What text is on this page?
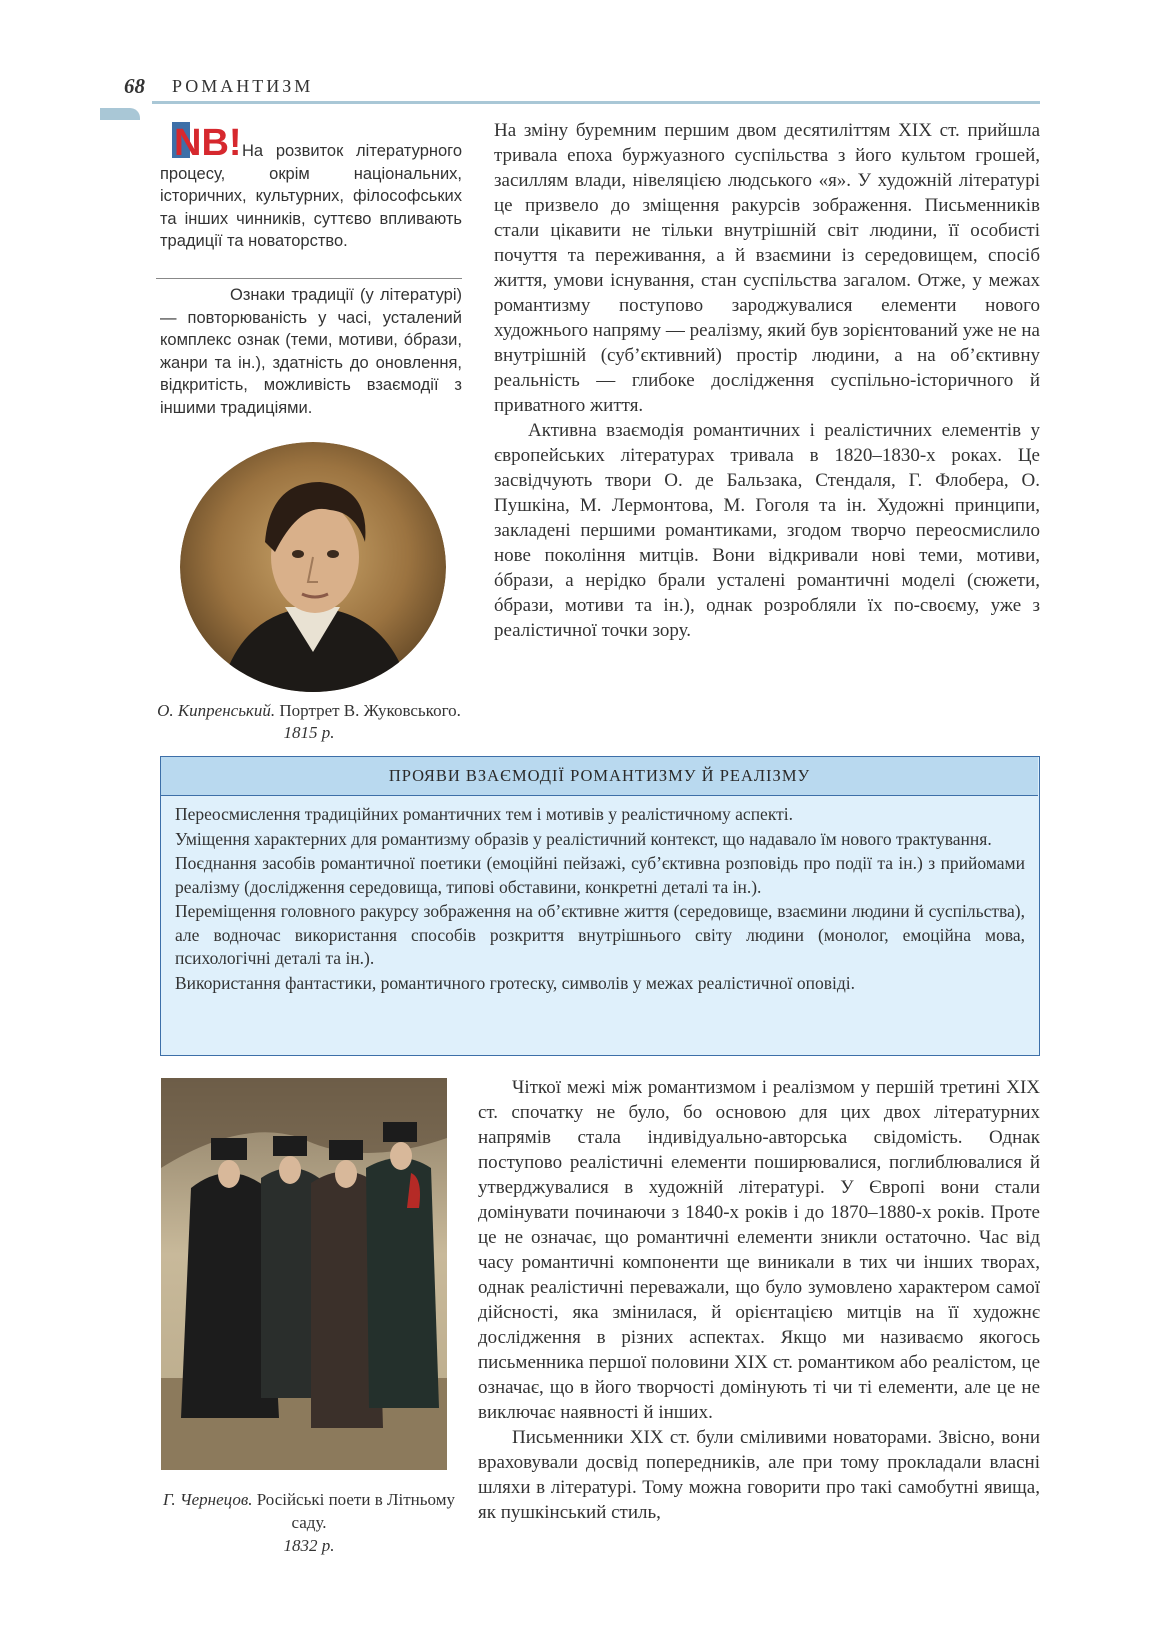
68 РОМАНТИЗМ
NB! На розвиток літературного процесу, окрім національних, історичних, культурних, філософських та інших чинників, суттєво впливають традиції та новаторство.
Ознаки традиції (у літературі) — повторюваність у часі, усталений комплекс ознак (теми, мотиви, óбрази, жанри та ін.), здатність до оновлення, відкритість, можливість взаємодії з іншими традиціями.
О. Кипренський. Портрет В. Жуковського. 1815 р.

На зміну буремним першим двом десятиліттям XIX ст. прийшла тривала епоха буржуазного суспільства з його культом грошей, засиллям влади, нівеляцією людського «я». У художній літературі це призвело до зміщення ракурсів зображення. Письменників стали цікавити не тільки внутрішній світ людини, її особисті почуття та переживання, а й взаємини із середовищем, спосіб життя, умови існування, стан суспільства загалом. Отже, у межах романтизму поступово зароджувалися елементи нового художнього напряму — реалізму, який був зорієнтований уже не на внутрішній (суб’єктивний) простір людини, а на об’єктивну реальність — глибоке дослідження суспільно-історичного й приватного життя.

Активна взаємодія романтичних і реалістичних елементів у європейських літературах тривала в 1820–1830-х роках. Це засвідчують твори О. де Бальзака, Стендаля, Г. Флобера, О. Пушкіна, М. Лермонтова, М. Гоголя та ін. Художні принципи, закладені першими романтиками, згодом творчо переосмислило нове покоління митців. Вони відкривали нові теми, мотиви, óбрази, а нерідко брали усталені романтичні моделі (сюжети, óбрази, мотиви та ін.), однак розробляли їх по-своєму, уже з реалістичної точки зору.

ПРОЯВИ ВЗАЄМОДІЇ РОМАНТИЗМУ Й РЕАЛІЗМУ

Переосмислення традиційних романтичних тем і мотивів у реалістичному аспекті.

Уміщення характерних для романтизму образів у реалістичний контекст, що надавало їм нового трактування.

Поєднання засобів романтичної поетики (емоційні пейзажі, суб’єктивна розповідь про події та ін.) з прийомами реалізму (дослідження середовища, типові обставини, конкретні деталі та ін.).

Переміщення головного ракурсу зображення на об’єктивне життя (середовище, взаємини людини й суспільства), але водночас використання способів розкриття внутрішнього світу людини (монолог, емоційна мова, психологічні деталі та ін.).

Використання фантастики, романтичного гротеску, символів у межах реалістичної оповіді.

Г. Чернецов. Російські поети в Літньому саду.
1832 р.

Чіткої межі між романтизмом і реалізмом у першій третині XIX ст. спочатку не було, бо основою для цих двох літературних напрямів стала індивідуально-авторська свідомість. Однак поступово реалістичні елементи поширювалися, поглиблювалися й утверджувалися в художній літературі. У Європі вони стали домінувати починаючи з 1840-х років і до 1870–1880-х років. Проте це не означає, що романтичні елементи зникли остаточно. Час від часу романтичні компоненти ще виникали в тих чи інших творах, однак реалістичні переважали, що було зумовлено характером самої дійсності, яка змінилася, й орієнтацією митців на її художнє дослідження в різних аспектах. Якщо ми називаємо якогось письменника першої половини XIX ст. романтиком або реалістом, це означає, що в його творчості домінують ті чи ті елементи, але це не виключає наявності й інших.

Письменники XIX ст. були сміливими новаторами. Звісно, вони враховували досвід попередників, але при тому прокладали власні шляхи в літературі. Тому можна говорити про такі самобутні явища, як пушкінський стиль,
